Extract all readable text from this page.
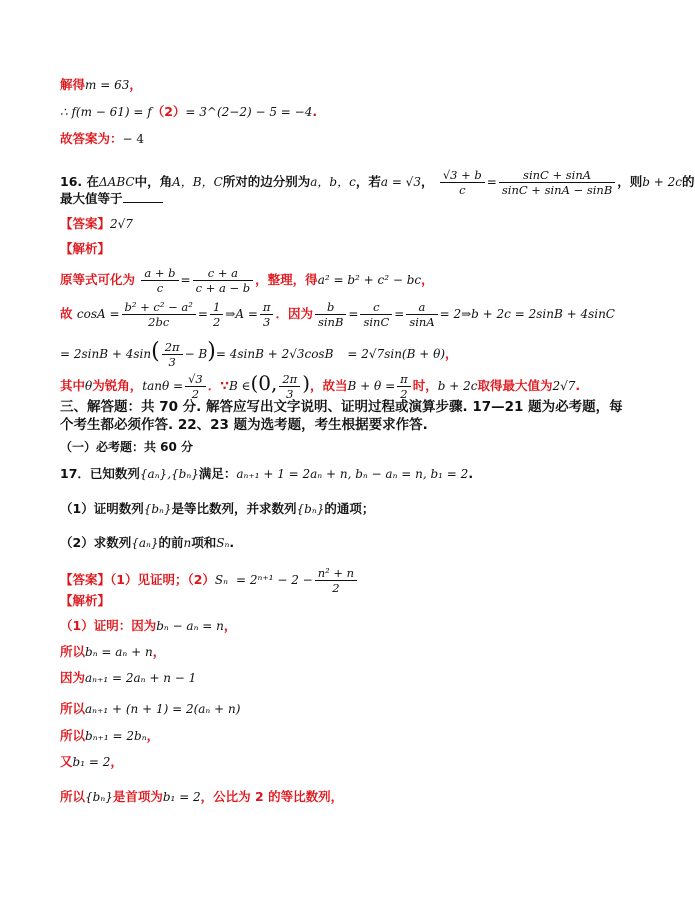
解得m = 63，
∴ f(m − 61) = f（2）= 3^(2−2) − 5 = −4.
故答案为：− 4
16. 在ΔABC中，角A，B，C所对的边分别为a，b，c，若a = √3， $\frac{√3 + b}{c} = \frac{\sin C + \sin A}{\sin C + \sin A - \sin B}$ ，则b + 2c的
最大值等于
【答案】2√7
【解析】
原等式可化为 $\frac{a + b}{c} = \frac{c + a}{c + a - b}$ ，整理，得a² = b² + c² − bc，
故 $\cos A = \frac{\text{b² + c² − a²}}{2bc} = \frac{1}{2}$ ⇒A = $\frac{\pi}{3}$ ．因为 $\frac{b}{\sin B} = \frac{c}{\sin C} = \frac{a}{\sin A}$ = 2⇒b + 2c = 2sinB + 4sinC
= $2\sin B + 4\sin( \frac{2\pi}{3} - B)= 4\sin B + 2√3\cos B = 2√7\sin(B + \theta)$，
其中θ为锐角，$\tan\theta = \frac{√3}{2}$ ．∵B ∈(0, $\frac{2\pi}{3}$ )，故当$B + \theta = \frac{\pi}{2}$ 时，b + 2c取得最大值为2√7.
三、解答题：共 70 分. 解答应写出文字说明、证明过程或演算步骤. 17—21 题为必考题，每
个考生都必须作答. 22、23 题为选考题，考生根据要求作答.
（一）必考题：共 60 分
17．已知数列{aₙ},{bₙ}满足：aₙ₊₁ + 1 = 2aₙ + n, bₙ − aₙ = n, b₁ = 2.
（1）证明数列{bₙ}是等比数列，并求数列{bₙ}的通项；
（2）求数列{aₙ}的前n项和Sₙ.
【答案】（1）见证明；$(2)S_n = 2^{n+1} - 2 - \frac{\text{n² + n}}{2}$
【解析】
（1）证明：因为bₙ − aₙ = n，
所以bₙ = aₙ + n，
因为aₙ₊₁ = 2aₙ + n − 1
所以aₙ₊₁ + (n + 1) = 2(aₙ + n)
所以bₙ₊₁ = 2bₙ，
又b₁ = 2，
所以{bₙ}是首项为b₁ = 2，公比为 2 的等比数列，
